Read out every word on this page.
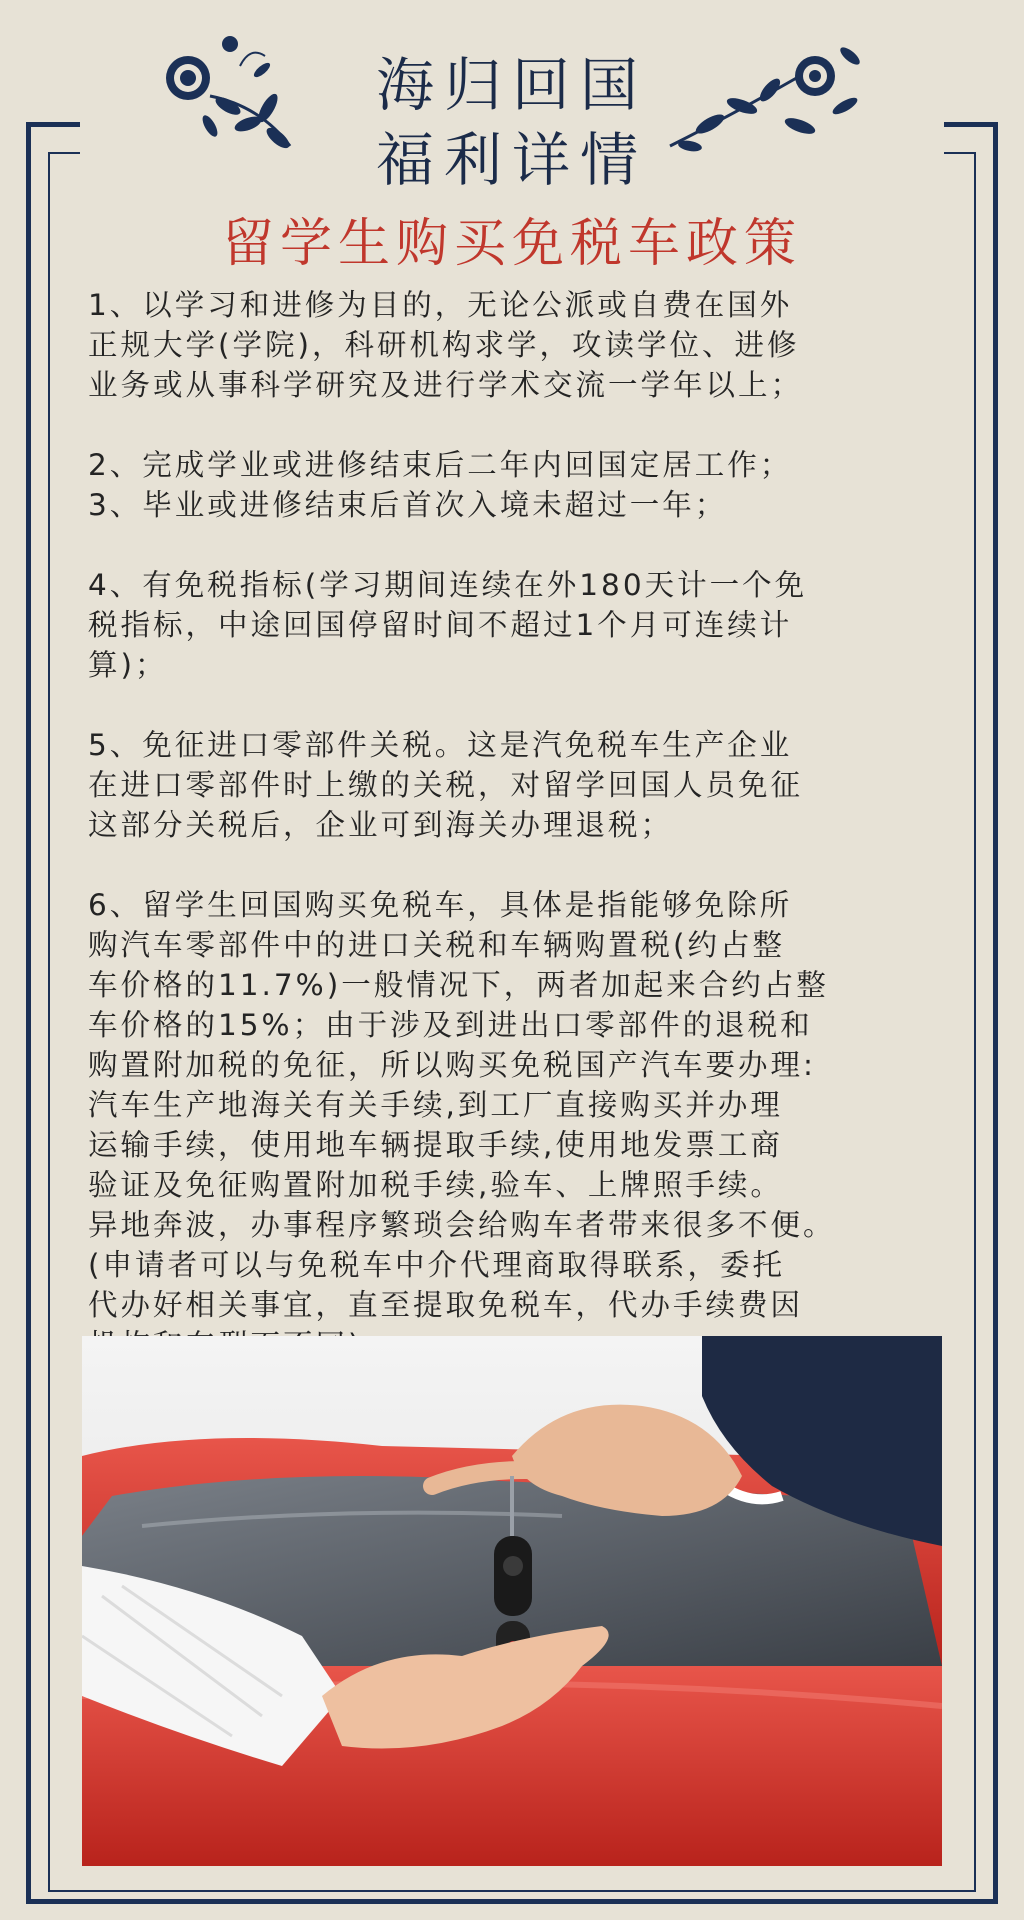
海归回国
福利详情
留学生购买免税车政策
1、以学习和进修为目的，无论公派或自费在国外
正规大学(学院)，科研机构求学，攻读学位、进修
业务或从事科学研究及进行学术交流一学年以上；
2、完成学业或进修结束后二年内回国定居工作；
3、毕业或进修结束后首次入境未超过一年；
4、有免税指标(学习期间连续在外180天计一个免
税指标，中途回国停留时间不超过1个月可连续计
算)；
5、免征进口零部件关税。这是汽免税车生产企业
在进口零部件时上缴的关税，对留学回国人员免征
这部分关税后，企业可到海关办理退税；
6、留学生回国购买免税车，具体是指能够免除所
购汽车零部件中的进口关税和车辆购置税(约占整
车价格的11.7%)一般情况下，两者加起来合约占整
车价格的15%；由于涉及到进出口零部件的退税和
购置附加税的免征，所以购买免税国产汽车要办理:
汽车生产地海关有关手续,到工厂直接购买并办理
运输手续，使用地车辆提取手续,使用地发票工商
验证及免征购置附加税手续,验车、上牌照手续。
异地奔波，办事程序繁琐会给购车者带来很多不便。
(申请者可以与免税车中介代理商取得联系，委托
代办好相关事宜，直至提取免税车，代办手续费因
